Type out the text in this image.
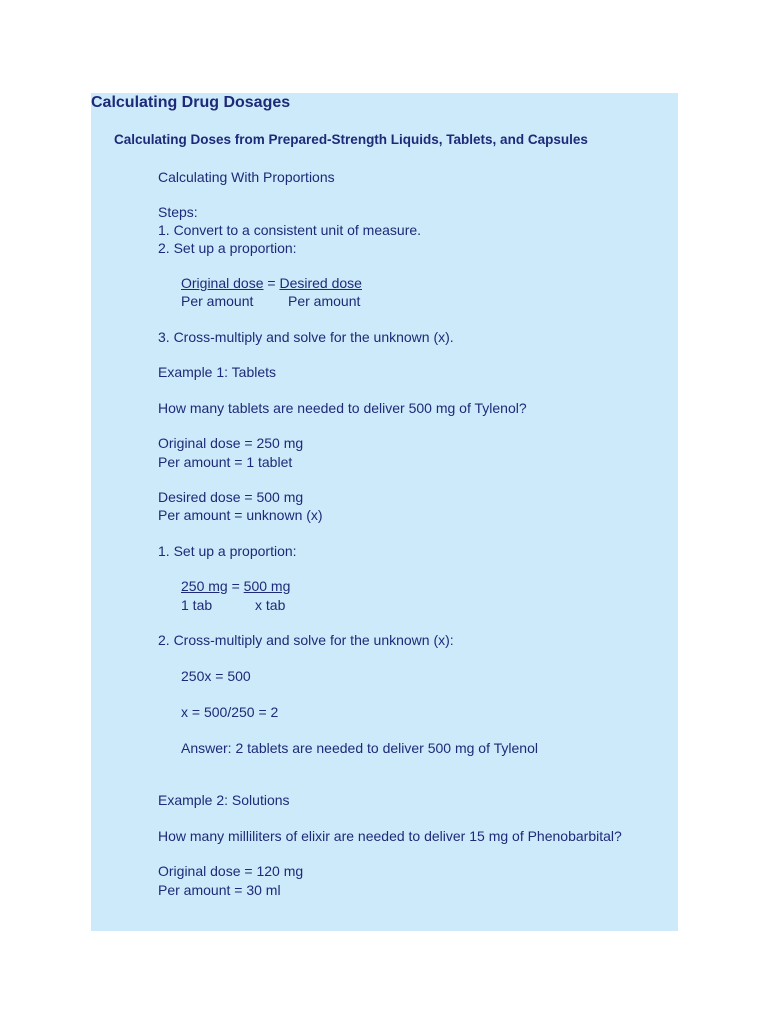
Calculating Drug Dosages
Calculating Doses from Prepared-Strength Liquids, Tablets, and Capsules
Calculating With Proportions
Steps:
1. Convert to a consistent unit of measure.
2. Set up a proportion:
Original dose = Desired dose
Per amount Per amount
3. Cross-multiply and solve for the unknown (x).
Example 1: Tablets
How many tablets are needed to deliver 500 mg of Tylenol?
Original dose = 250 mg
Per amount = 1 tablet
Desired dose = 500 mg
Per amount = unknown (x)
1. Set up a proportion:
250 mg = 500 mg
1 tab	x tab
2. Cross-multiply and solve for the unknown (x):
250x = 500
x = 500/250 = 2
Answer: 2 tablets are needed to deliver 500 mg of Tylenol
Example 2: Solutions
How many milliliters of elixir are needed to deliver 15 mg of Phenobarbital?
Original dose = 120 mg
Per amount = 30 ml
